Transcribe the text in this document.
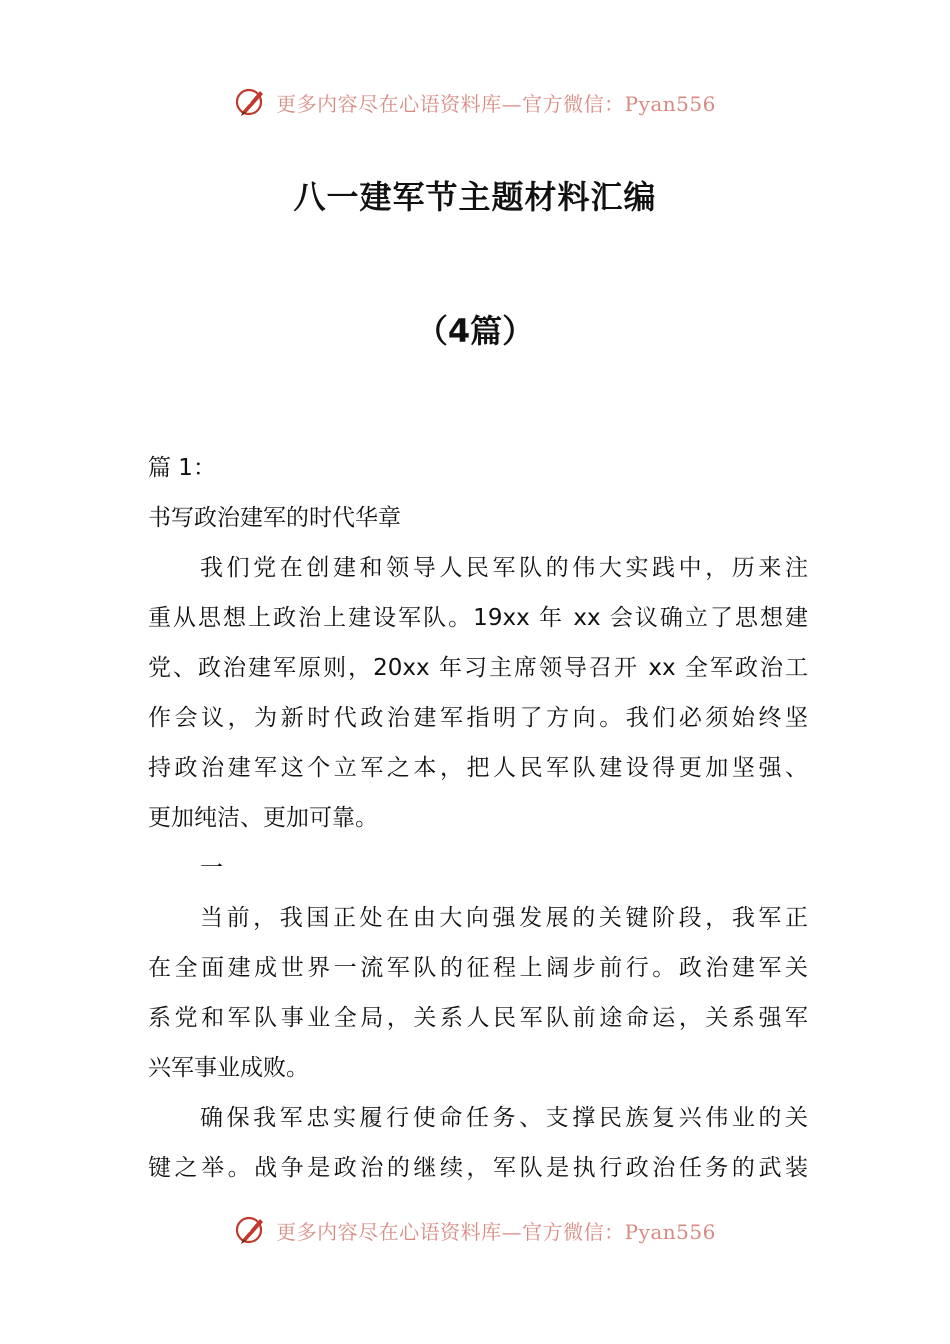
更多内容尽在心语资料库—官方微信：Pyan556
八一建军节主题材料汇编
（4篇）
篇 1：
书写政治建军的时代华章
我们党在创建和领导人民军队的伟大实践中，历来注
重从思想上政治上建设军队。19xx 年 xx 会议确立了思想建
党、政治建军原则，20xx 年习主席领导召开 xx 全军政治工
作会议，为新时代政治建军指明了方向。我们必须始终坚
持政治建军这个立军之本，把人民军队建设得更加坚强、
更加纯洁、更加可靠。
一
当前，我国正处在由大向强发展的关键阶段，我军正
在全面建成世界一流军队的征程上阔步前行。政治建军关
系党和军队事业全局，关系人民军队前途命运，关系强军
兴军事业成败。
确保我军忠实履行使命任务、支撑民族复兴伟业的关
键之举。战争是政治的继续，军队是执行政治任务的武装
更多内容尽在心语资料库—官方微信：Pyan556
